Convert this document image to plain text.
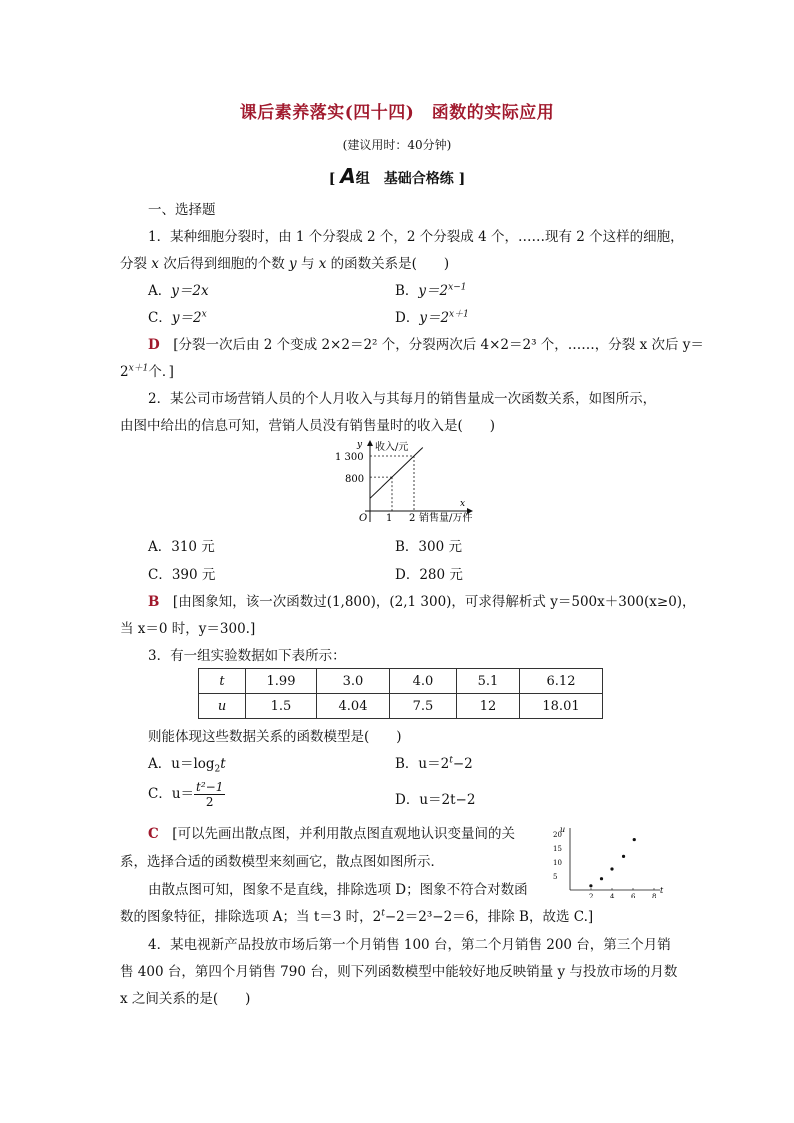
课后素养落实(四十四)　函数的实际应用
(建议用时：40分钟)
[ A组　基础合格练 ]
一、选择题
1．某种细胞分裂时，由 1 个分裂成 2 个，2 个分裂成 4 个，……现有 2 个这样的细胞，
分裂 x 次后得到细胞的个数 y 与 x 的函数关系是(　　)
A．y＝2x	B．$y=2^{x-1}$
C．$y=2^x$	D．$y=2^{x+1}$
D　 [分裂一次后由 2 个变成 2×2＝2² 个，分裂两次后 4×2＝2³ 个，……，分裂 x 次后 y＝
$2^{x+1}$个．]
2．某公司市场营销人员的个人月收入与其每月的销售量成一次函数关系，如图所示，
由图中给出的信息可知，营销人员没有销售量时的收入是(　　)
y 收入/元
x
销售量/万件
O
1 300
800
1 2
A．310 元	B．300 元
C．390 元	D．280 元
B　 [由图象知，该一次函数过(1,800)，(2,1 300)，可求得解析式 y＝500x＋300(x≥0)，
当 x＝0 时，y＝300.]
3．有一组实验数据如下表所示：
t	1.99	3.0	4.0	5.1	6.12
u	1.5	4.04	7.5	12	18.01
则能体现这些数据关系的函数模型是(　　)
A．$u=\log_2t$	B．$u=2^t-2$
C．$u= \frac{\text{t²−1}}{2}$	D．u＝2t−2
C　 [可以先画出散点图，并利用散点图直观地认识变量间的关
系，选择合适的函数模型来刻画它，散点图如图所示．
由散点图可知，图象不是直线，排除选项 D；图象不符合对数函
数的图象特征，排除选项 A；当 t＝3 时，$2^t-2=2^3-2=6$，排除 B，故选 C.]
u
t
5
10
15
20
2 4 6 8
4．某电视新产品投放市场后第一个月销售 100 台，第二个月销售 200 台，第三个月销
售 400 台，第四个月销售 790 台，则下列函数模型中能较好地反映销量 y 与投放市场的月数
x 之间关系的是(　　)
